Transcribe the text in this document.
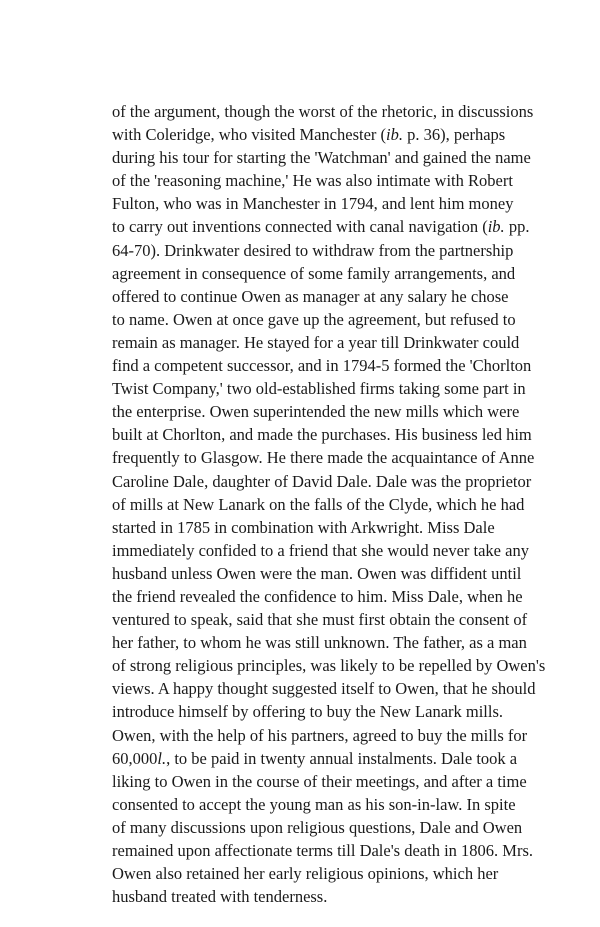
of the argument, though the worst of the rhetoric, in discussions
with Coleridge, who visited Manchester (ib. p. 36), perhaps
during his tour for starting the 'Watchman' and gained the name
of the 'reasoning machine,' He was also intimate with Robert
Fulton, who was in Manchester in 1794, and lent him money
to carry out inventions connected with canal navigation (ib. pp.
64-70). Drinkwater desired to withdraw from the partnership
agreement in consequence of some family arrangements, and
offered to continue Owen as manager at any salary he chose
to name. Owen at once gave up the agreement, but refused to
remain as manager. He stayed for a year till Drinkwater could
find a competent successor, and in 1794-5 formed the 'Chorlton
Twist Company,' two old-established firms taking some part in
the enterprise. Owen superintended the new mills which were
built at Chorlton, and made the purchases. His business led him
frequently to Glasgow. He there made the acquaintance of Anne
Caroline Dale, daughter of David Dale. Dale was the proprietor
of mills at New Lanark on the falls of the Clyde, which he had
started in 1785 in combination with Arkwright. Miss Dale
immediately confided to a friend that she would never take any
husband unless Owen were the man. Owen was diffident until
the friend revealed the confidence to him. Miss Dale, when he
ventured to speak, said that she must first obtain the consent of
her father, to whom he was still unknown. The father, as a man
of strong religious principles, was likely to be repelled by Owen's
views. A happy thought suggested itself to Owen, that he should
introduce himself by offering to buy the New Lanark mills.
Owen, with the help of his partners, agreed to buy the mills for
60,000l., to be paid in twenty annual instalments. Dale took a
liking to Owen in the course of their meetings, and after a time
consented to accept the young man as his son-in-law. In spite
of many discussions upon religious questions, Dale and Owen
remained upon affectionate terms till Dale's death in 1806. Mrs.
Owen also retained her early religious opinions, which her
husband treated with tenderness.
